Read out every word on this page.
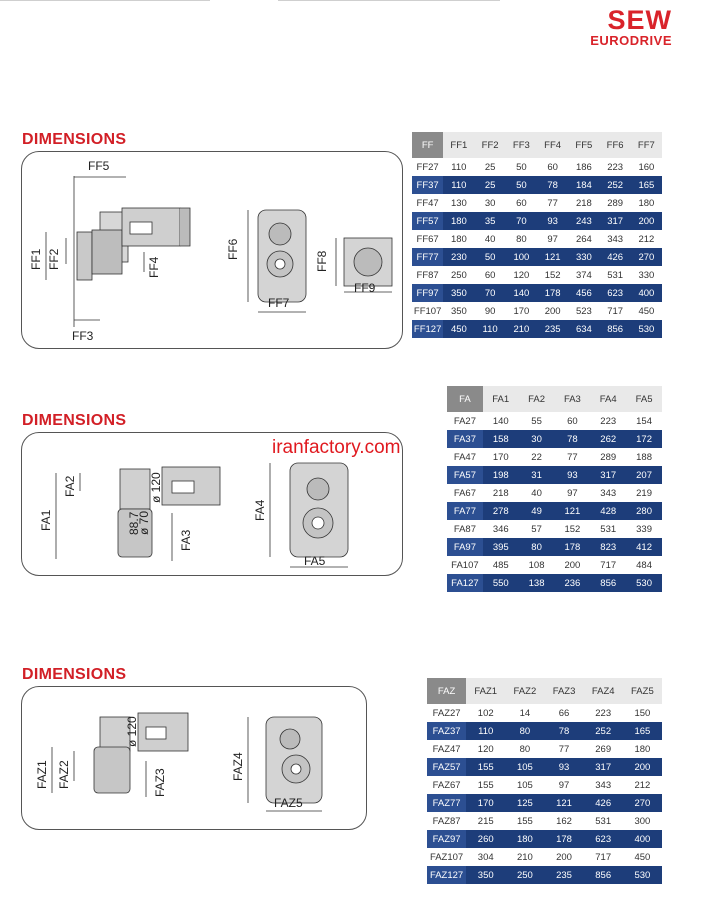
SEW
EURODRIVE
DIMENSIONS
FF5
FF2
FF1	FF4
FF3
FF6
FF7
FF8
FF9
FF	FF1	FF2	FF3	FF4	FF5	FF6	FF7
FF27	110	25	50	60	186	223	160
FF37	110	25	50	78	184	252	165
FF47	130	30	60	77	218	289	180
FF57	180	35	70	93	243	317	200
FF67	180	40	80	97	264	343	212
FF77	230	50	100	121	330	426	270
FF87	250	60	120	152	374	531	330
FF97	350	70	140	178	456	623	400
FF107	350	90	170	200	523	717	450
FF127	450	110	210	235	634	856	530
DIMENSIONS
FA2
FA1
FA3
FA4
FA5
ø 120
88.7
ø 70
iranfactory.com
FA	FA1	FA2	FA3	FA4	FA5
FA27	140	55	60	223	154
FA37	158	30	78	262	172
FA47	170	22	77	289	188
FA57	198	31	93	317	207
FA67	218	40	97	343	219
FA77	278	49	121	428	280
FA87	346	57	152	531	339
FA97	395	80	178	823	412
FA107	485	108	200	717	484
FA127	550	138	236	856	530
DIMENSIONS
FAZ2
FAZ1	FAZ3
FAZ4
FAZ5
ø 120
FAZ	FAZ1	FAZ2	FAZ3	FAZ4	FAZ5
FAZ27	102	14	66	223	150
FAZ37	110	80	78	252	165
FAZ47	120	80	77	269	180
FAZ57	155	105	93	317	200
FAZ67	155	105	97	343	212
FAZ77	170	125	121	426	270
FAZ87	215	155	162	531	300
FAZ97	260	180	178	623	400
FAZ107	304	210	200	717	450
FAZ127	350	250	235	856	530
